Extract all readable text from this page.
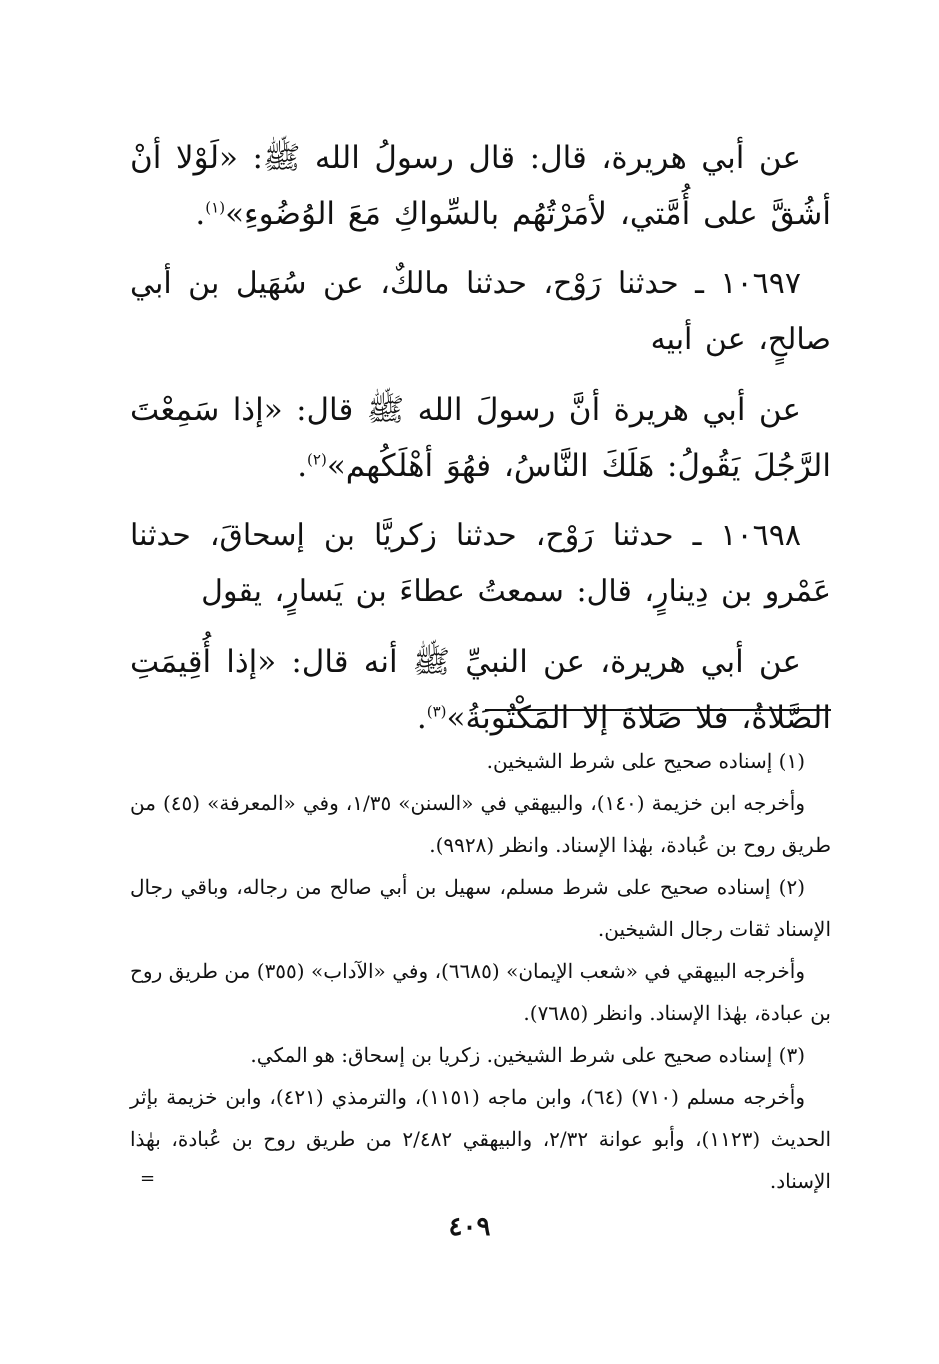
عن أبي هريرة، قال: قال رسولُ الله ﷺ: «لَوْلا أنْ أشُقَّ على أُمَّتي، لأمَرْتُهُم بالسِّواكِ مَعَ الوُضُوءِ»$^{(١)}$.

١٠٦٩٧ ـ حدثنا رَوْح، حدثنا مالكٌ، عن سُهَيل بن أبي صالحٍ، عن أبيه

عن أبي هريرة أنَّ رسولَ الله ﷺ قال: «إذا سَمِعْتَ الرَّجُلَ يَقُولُ: هَلَكَ النَّاسُ، فهُوَ أهْلَكُهم»$^{(٢)}$.

١٠٦٩٨ ـ حدثنا رَوْح، حدثنا زكريَّا بن إسحاقَ، حدثنا عَمْرو بن دِينارٍ، قال: سمعتُ عطاءَ بن يَسارٍ، يقول

عن أبي هريرة، عن النبيِّ ﷺ أنه قال: «إذا أُقِيمَتِ الصَّلاةُ، فلا صَلاةَ إلا المَكْتُوبَةُ»$^{(٣)}$.

(١) إسناده صحيح على شرط الشيخين.

وأخرجه ابن خزيمة (١٤٠)، والبيهقي في «السنن» ١/٣٥، وفي «المعرفة» (٤٥) من طريق روح بن عُبادة، بهٰذا الإسناد. وانظر (٩٩٢٨).

(٢) إسناده صحيح على شرط مسلم، سهيل بن أبي صالح من رجاله، وباقي رجال الإسناد ثقات رجال الشيخين.

وأخرجه البيهقي في «شعب الإيمان» (٦٦٨٥)، وفي «الآداب» (٣٥٥) من طريق روح بن عبادة، بهٰذا الإسناد. وانظر (٧٦٨٥).

(٣) إسناده صحيح على شرط الشيخين. زكريا بن إسحاق: هو المكي.

وأخرجه مسلم (٧١٠) (٦٤)، وابن ماجه (١١٥١)، والترمذي (٤٢١)، وابن خزيمة بإثر الحديث (١١٢٣)، وأبو عوانة ٢/٣٢، والبيهقي ٢/٤٨٢ من طريق روح بن عُبادة، بهٰذا الإسناد.

=
٤٠٩
